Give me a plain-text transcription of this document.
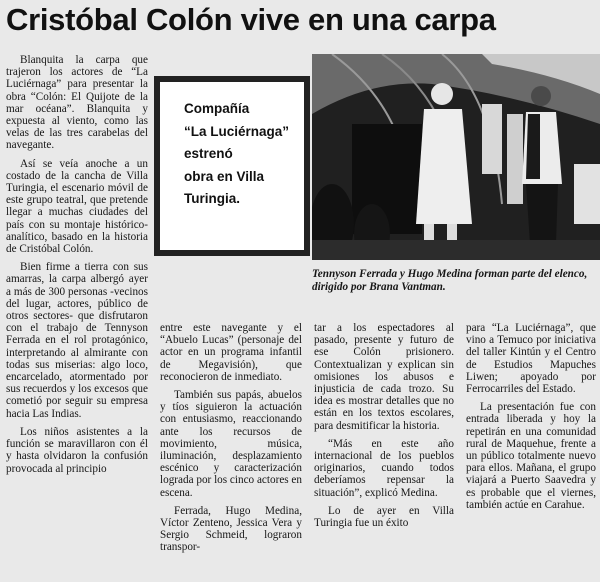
Cristóbal Colón vive en una carpa

Blanquita la carpa que trajeron los actores de “La Luciérnaga” para presentar la obra “Colón: El Quijote de la mar océana”. Blanquita y expuesta al viento, como las velas de las tres carabelas del navegante.

Así se veía anoche a un costado de la cancha de Villa Turingia, el escenario móvil de este grupo teatral, que pretende llegar a muchas ciudades del país con su montaje histórico-analítico, basado en la historia de Cristóbal Colón.

Bien firme a tierra con sus amarras, la carpa albergó ayer a más de 300 personas -vecinos del lugar, actores, público de otros sectores- que disfrutaron con el trabajo de Tennyson Ferrada en el rol protagónico, interpretando al almirante con todas sus miserias: algo loco, encarcelado, atormentado por sus recuerdos y los excesos que cometió por seguir su empresa hacia Las Indias.

Los niños asistentes a la función se maravillaron con él y hasta olvidaron la confusión provocada al principio

Compañía
“La Luciérnaga”
estrenó
obra en Villa
Turingia.
Tennyson Ferrada y Hugo Medina forman parte del elenco, dirigido por Brana Vantman.

entre este navegante y el “Abuelo Lucas” (personaje del actor en un programa infantil de Megavisión), que reconocieron de inmediato.

También sus papás, abuelos y tíos siguieron la actuación con entusiasmo, reaccionando ante los recursos de movimiento, música, iluminación, desplazamiento escénico y caracterización lograda por los cinco actores en escena.

Ferrada, Hugo Medina, Víctor Zenteno, Jessica Vera y Sergio Schmeid, lograron transpor-

tar a los espectadores al pasado, presente y futuro de ese Colón prisionero. Contextualizan y explican sin omisiones los abusos e injusticia de cada trozo. Su idea es mostrar detalles que no están en los textos escolares, para desmitificar la historia.

“Más en este año internacional de los pueblos originarios, cuando todos deberíamos repensar la situación”, explicó Medina.

Lo de ayer en Villa Turingia fue un éxito

para “La Luciérnaga”, que vino a Temuco por iniciativa del taller Kintún y el Centro de Estudios Mapuches Liwen; apoyado por Ferrocarriles del Estado.

La presentación fue con entrada liberada y hoy la repetirán en una comunidad rural de Maquehue, frente a un público totalmente nuevo para ellos. Mañana, el grupo viajará a Puerto Saavedra y es probable que el viernes, también actúe en Carahue.
